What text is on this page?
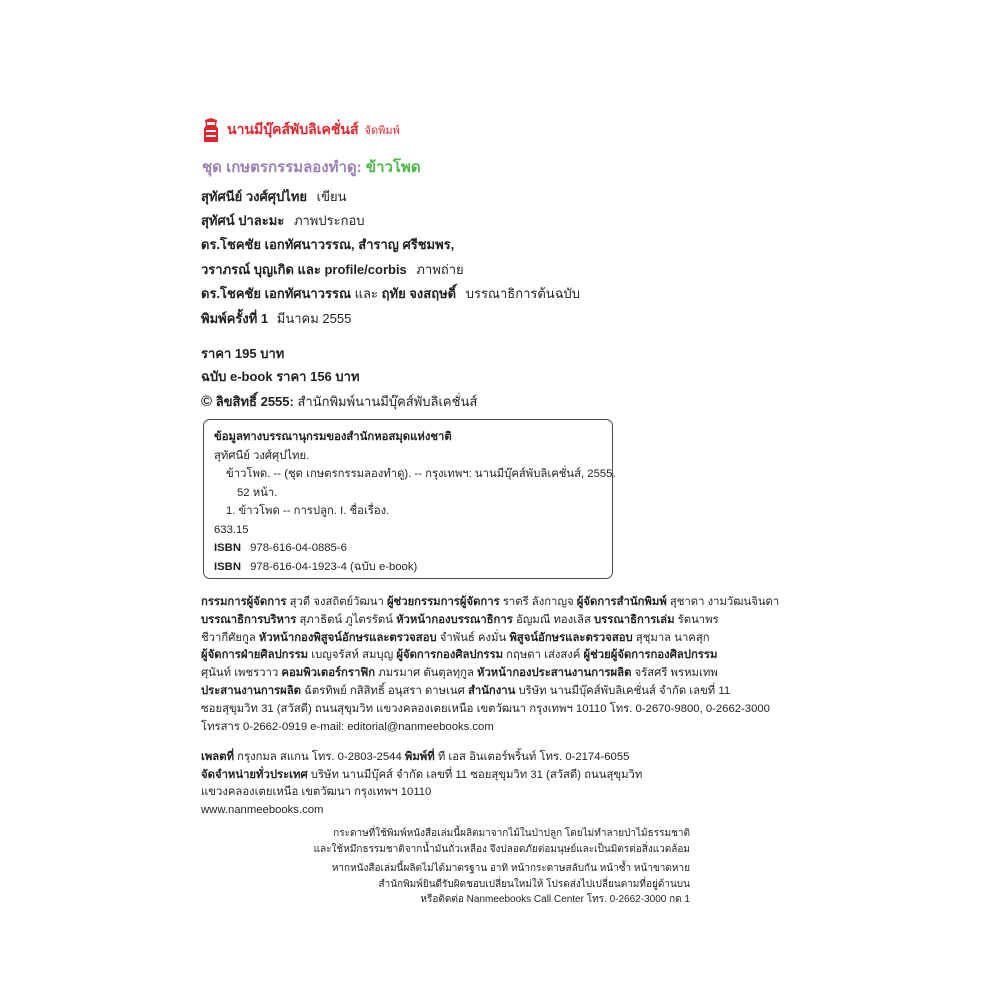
นานมีบุ๊คส์พับลิเคชั่นส์ จัดพิมพ์
ชุด เกษตรกรรมลองทำดู: ข้าวโพด
สุทัศนีย์ วงศ์ศุปไทย เขียน
สุทัศน์ ปาละมะ ภาพประกอบ
ดร.โชคชัย เอกทัศนาวรรณ, สำราญ ศรีชมพร,
วราภรณ์ บุญเกิด และ profile/corbis ภาพถ่าย
ดร.โชคชัย เอกทัศนาวรรณ และ ฤทัย จงสฤษดิ์ บรรณาธิการต้นฉบับ
พิมพ์ครั้งที่ 1 มีนาคม 2555
ราคา 195 บาท
ฉบับ e-book ราคา 156 บาท
© ลิขสิทธิ์ 2555: สำนักพิมพ์นานมีบุ๊คส์พับลิเคชั่นส์
ข้อมูลทางบรรณานุกรมของสำนักหอสมุดแห่งชาติ
สุทัศนีย์ วงศ์ศุปไทย.
ข้าวโพด. -- (ชุด เกษตรกรรมลองทำดู). -- กรุงเทพฯ: นานมีบุ๊คส์พับลิเคชั่นส์, 2555.
52 หน้า.
1. ข้าวโพด -- การปลูก. I. ชื่อเรื่อง.
633.15
ISBN 978-616-04-0885-6
ISBN 978-616-04-1923-4 (ฉบับ e-book)
กรรมการผู้จัดการ สุวดี จงสถิตย์วัฒนา ผู้ช่วยกรรมการผู้จัดการ ราตรี ลังกาญจ ผู้จัดการสำนักพิมพ์ สุชาดา งามวัฒนจินดา
บรรณาธิการบริหาร สุภาธิตน์ ภูไตรรัตน์ หัวหน้ากองบรรณาธิการ อัญมณี ทองเลิส บรรณาธิการเล่ม รัตนาพร
ชีวากีศัยกูล หัวหน้ากองพิสูจน์อักษรและตรวจสอบ จำพันธ์ คงมั่น พิสูจน์อักษรและตรวจสอบ สุชุมาล นาคสุก
ผู้จัดการฝ่ายศิลปกรรม เบญจรัสห์ สมบุญ ผู้จัดการกองศิลปกรรม กฤษดา เส่งสงค์ ผู้ช่วยผู้จัดการกองศิลปกรรม
ศุนันท์ เพชรวาว คอมพิวเตอร์กราฟิก ภมรมาศ ตันตุลทุกูล หัวหน้ากองประสานงานการผลิต จรัสศรี พรหมเทพ
ประสานงานการผลิต ฉัตรทิพย์ กสิสิทธิ์ อนุสรา ดาษเนศ สำนักงาน บริษัท นานมีบุ๊คส์พับลิเคชั่นส์ จำกัด เลขที่ 11
ซอยสุขุมวิท 31 (สวัสดี) ถนนสุขุมวิท แขวงคลองเตยเหนือ เขตวัฒนา กรุงเทพฯ 10110 โทร. 0-2670-9800, 0-2662-3000
โทรสาร 0-2662-0919 e-mail: editorial@nanmeebooks.com
เพลตที่ กรุงกมล สแกน โทร. 0-2803-2544 พิมพ์ที่ ที เอส อินเตอร์พริ้นท์ โทร. 0-2174-6055
จัดจำหน่ายทั่วประเทศ บริษัท นานมีบุ๊คส์ จำกัด เลขที่ 11 ซอยสุขุมวิท 31 (สวัสดี) ถนนสุขุมวิท
แขวงคลองเตยเหนือ เขตวัฒนา กรุงเทพฯ 10110
www.nanmeebooks.com
กระดาษที่ใช้พิมพ์หนังสือเล่มนี้ผลิตมาจากไม้ในป่าปลูก โดยไม่ทำลายป่าไม้ธรรมชาติ
และใช้หมึกธรรมชาติจากน้ำมันถั่วเหลือง จึงปลอดภัยต่อมนุษย์และเป็นมิตรต่อสิ่งแวดล้อม
หากหนังสือเล่มนี้ผลิตไม่ได้มาตรฐาน อาทิ หน้ากระดาษสลับกัน หน้าซ้ำ หน้าขาดหาย
สำนักพิมพ์ยินดีรับผิดชอบเปลี่ยนใหม่ให้ โปรดส่งไปเปลี่ยนตามที่อยู่ด้านบน
หรือติดต่อ Nanmeebooks Call Center โทร. 0-2662-3000 กด 1
